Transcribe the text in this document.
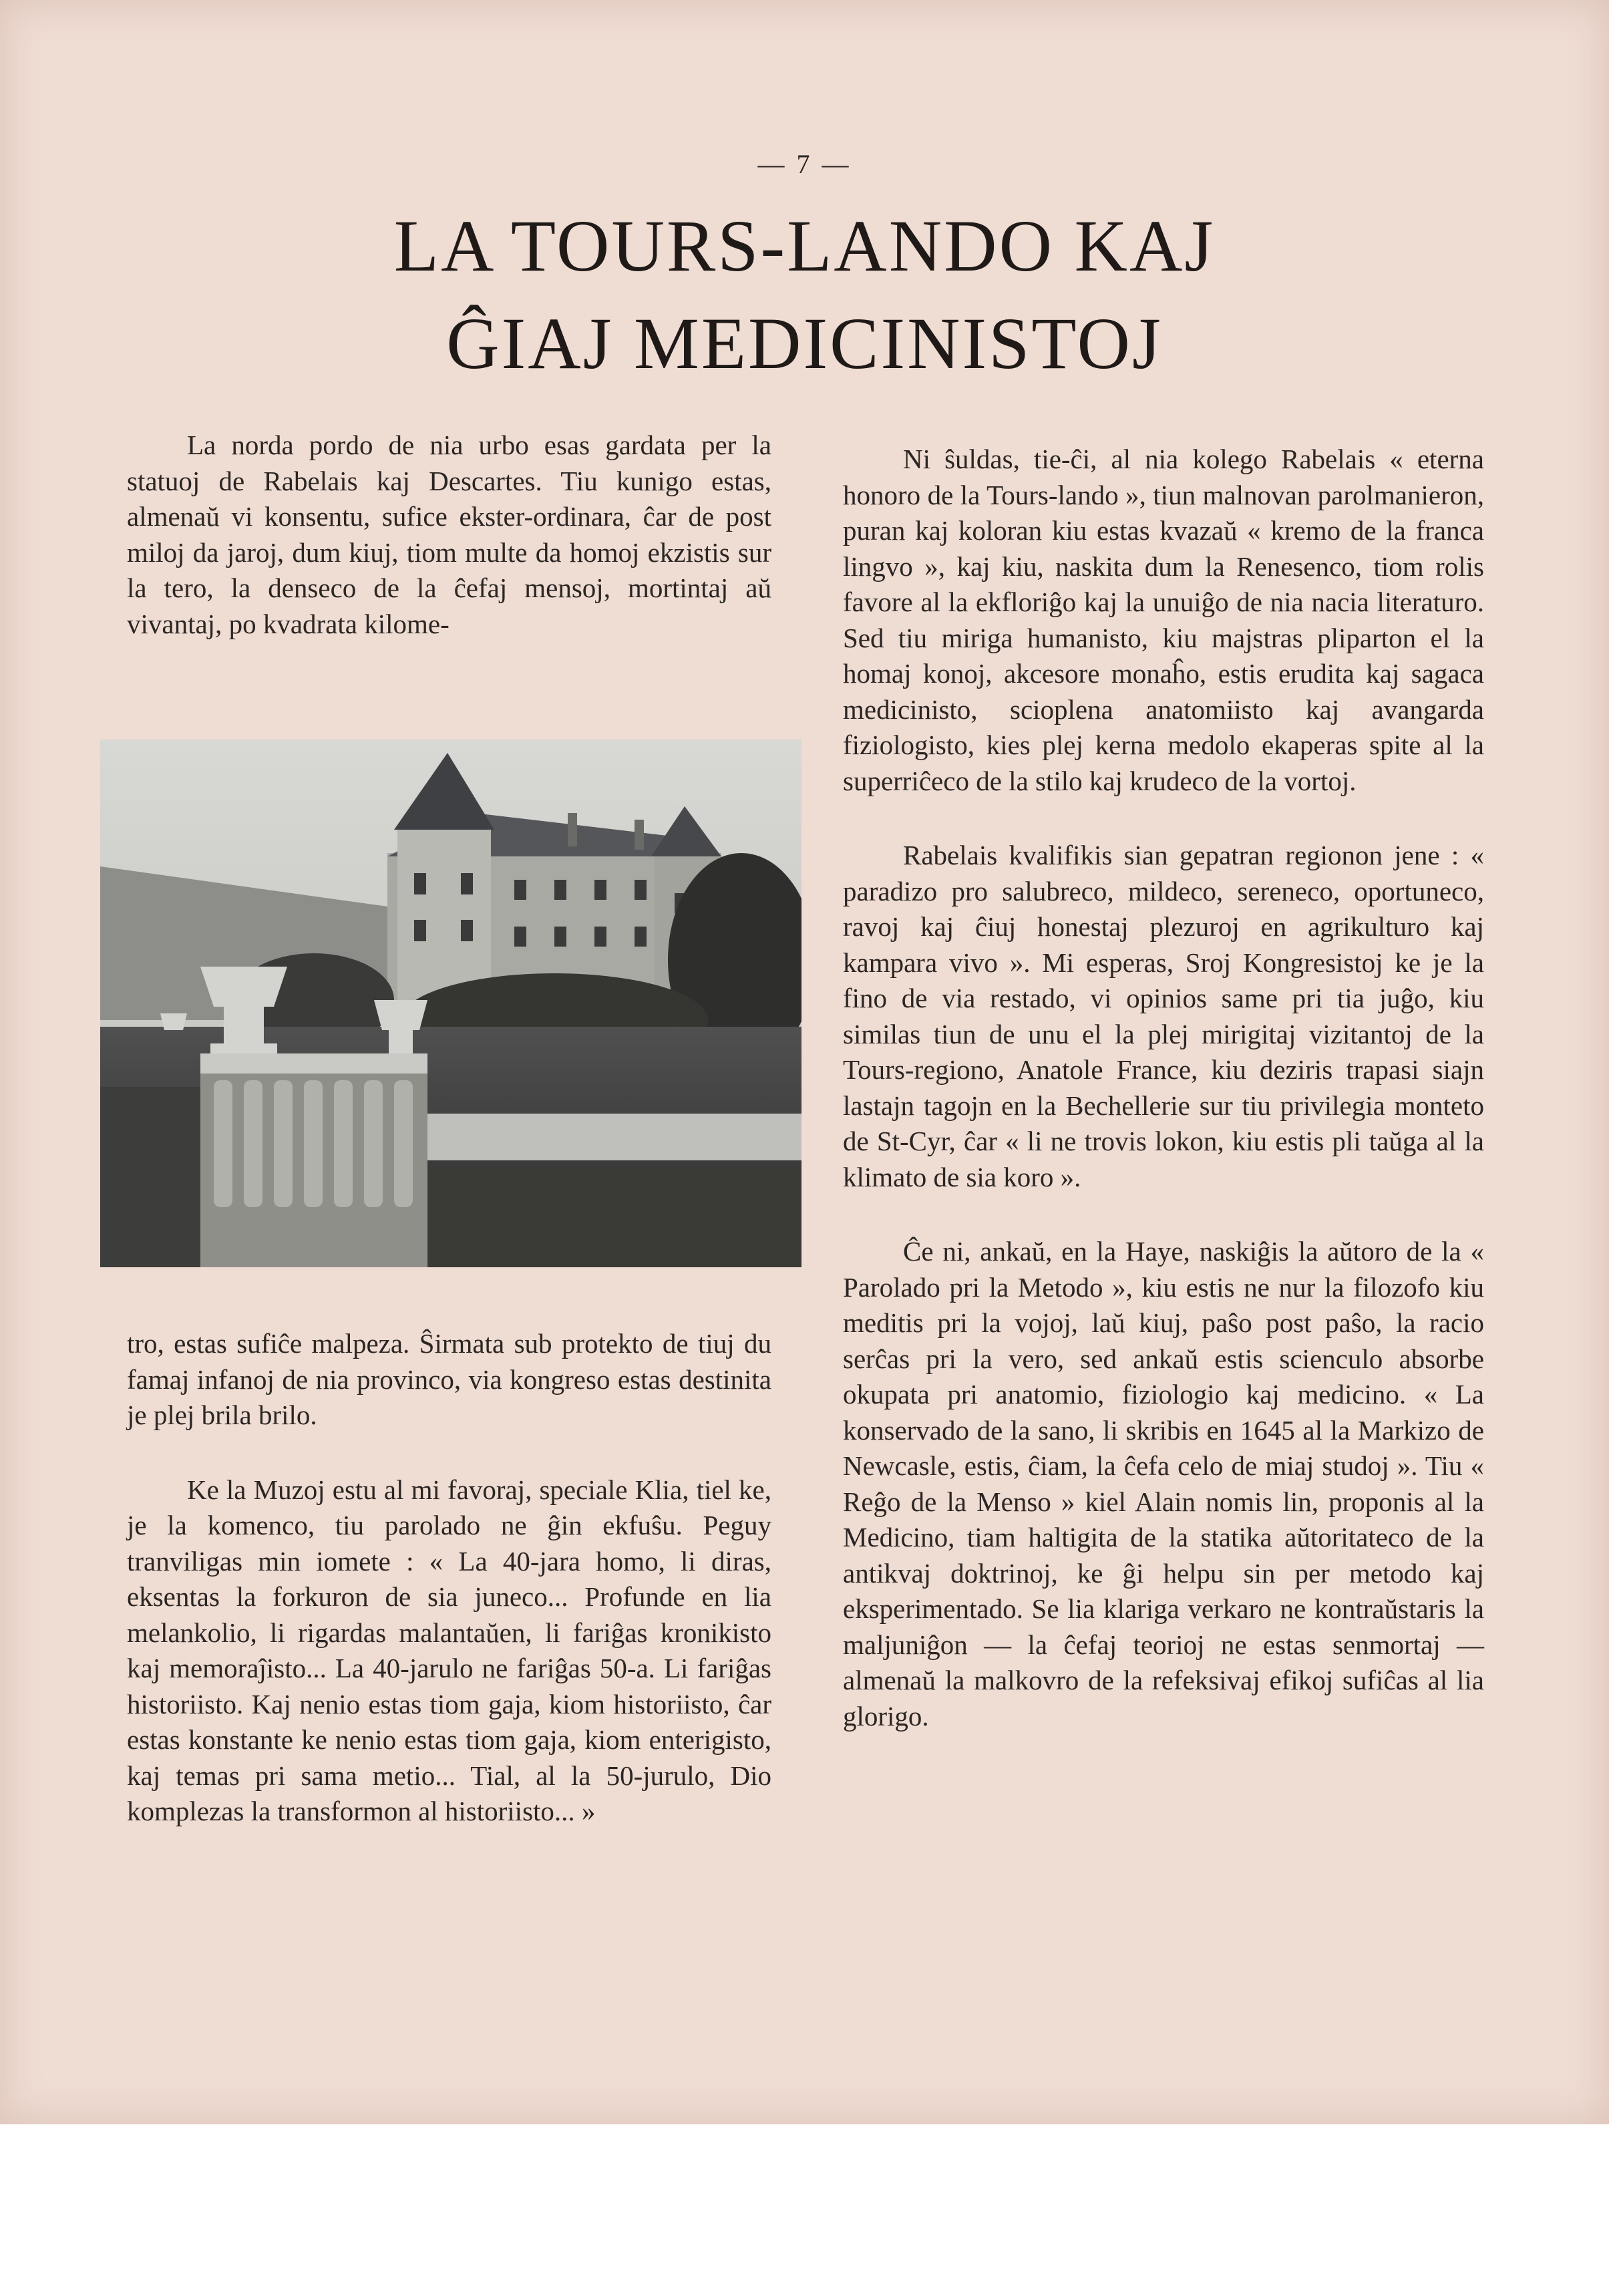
— 7 —
LA TOURS-LANDO KAJ
ĜIAJ MEDICINISTOJ

La norda pordo de nia urbo esas gardata per la statuoj de Rabelais kaj Descartes. Tiu kunigo estas, almenaŭ vi konsentu, sufice ekster-ordinara, ĉar de post miloj da jaroj, dum kiuj, tiom multe da homoj ekzistis sur la tero, la denseco de la ĉefaj mensoj, mortintaj aŭ vivantaj, po kvadrata kilome-

tro, estas sufiĉe malpeza. Ŝirmata sub protekto de tiuj du famaj infanoj de nia provinco, via kongreso estas destinita je plej brila brilo.

Ke la Muzoj estu al mi favoraj, speciale Klia, tiel ke, je la komenco, tiu parolado ne ĝin ekfuŝu. Peguy tranviligas min iomete : « La 40-jara homo, li diras, eksentas la forkuron de sia juneco... Profunde en lia melankolio, li rigardas malantaŭen, li fariĝas kronikisto kaj memoraĵisto... La 40-jarulo ne fariĝas 50-a. Li fariĝas historiisto. Kaj nenio estas tiom gaja, kiom historiisto, ĉar estas konstante ke nenio estas tiom gaja, kiom enterigisto, kaj temas pri sama metio... Tial, al la 50-jurulo, Dio komplezas la transformon al historiisto... »

Ni ŝuldas, tie-ĉi, al nia kolego Rabelais « eterna honoro de la Tours-lando », tiun malnovan parolmanieron, puran kaj koloran kiu estas kvazaŭ « kremo de la franca lingvo », kaj kiu, naskita dum la Renesenco, tiom rolis favore al la ekfloriĝo kaj la unuiĝo de nia nacia literaturo. Sed tiu miriga humanisto, kiu majstras pliparton el la homaj konoj, akcesore monaĥo, estis erudita kaj sagaca medicinisto, scioplena anatomiisto kaj avangarda fiziologisto, kies plej kerna medolo ekaperas spite al la superriĉeco de la stilo kaj krudeco de la vortoj.

Rabelais kvalifikis sian gepatran regionon jene : « paradizo pro salubreco, mildeco, sereneco, oportuneco, ravoj kaj ĉiuj honestaj plezuroj en agrikulturo kaj kampara vivo ». Mi esperas, Sroj Kongresistoj ke je la fino de via restado, vi opinios same pri tia juĝo, kiu similas tiun de unu el la plej mirigitaj vizitantoj de la Tours-regiono, Anatole France, kiu deziris trapasi siajn lastajn tagojn en la Bechellerie sur tiu privilegia monteto de St-Cyr, ĉar « li ne trovis lokon, kiu estis pli taŭga al la klimato de sia koro ».

Ĉe ni, ankaŭ, en la Haye, naskiĝis la aŭtoro de la « Parolado pri la Metodo », kiu estis ne nur la filozofo kiu meditis pri la vojoj, laŭ kiuj, paŝo post paŝo, la racio serĉas pri la vero, sed ankaŭ estis scienculo absorbe okupata pri anatomio, fiziologio kaj medicino. « La konservado de la sano, li skribis en 1645 al la Markizo de Newcasle, estis, ĉiam, la ĉefa celo de miaj studoj ». Tiu « Reĝo de la Menso » kiel Alain nomis lin, proponis al la Medicino, tiam haltigita de la statika aŭtoritateco de la antikvaj doktrinoj, ke ĝi helpu sin per metodo kaj eksperimentado. Se lia klariga verkaro ne kontraŭstaris la maljuniĝon — la ĉefaj teorioj ne estas senmortaj — almenaŭ la malkovro de la refeksivaj efikoj sufiĉas al lia glorigo.
